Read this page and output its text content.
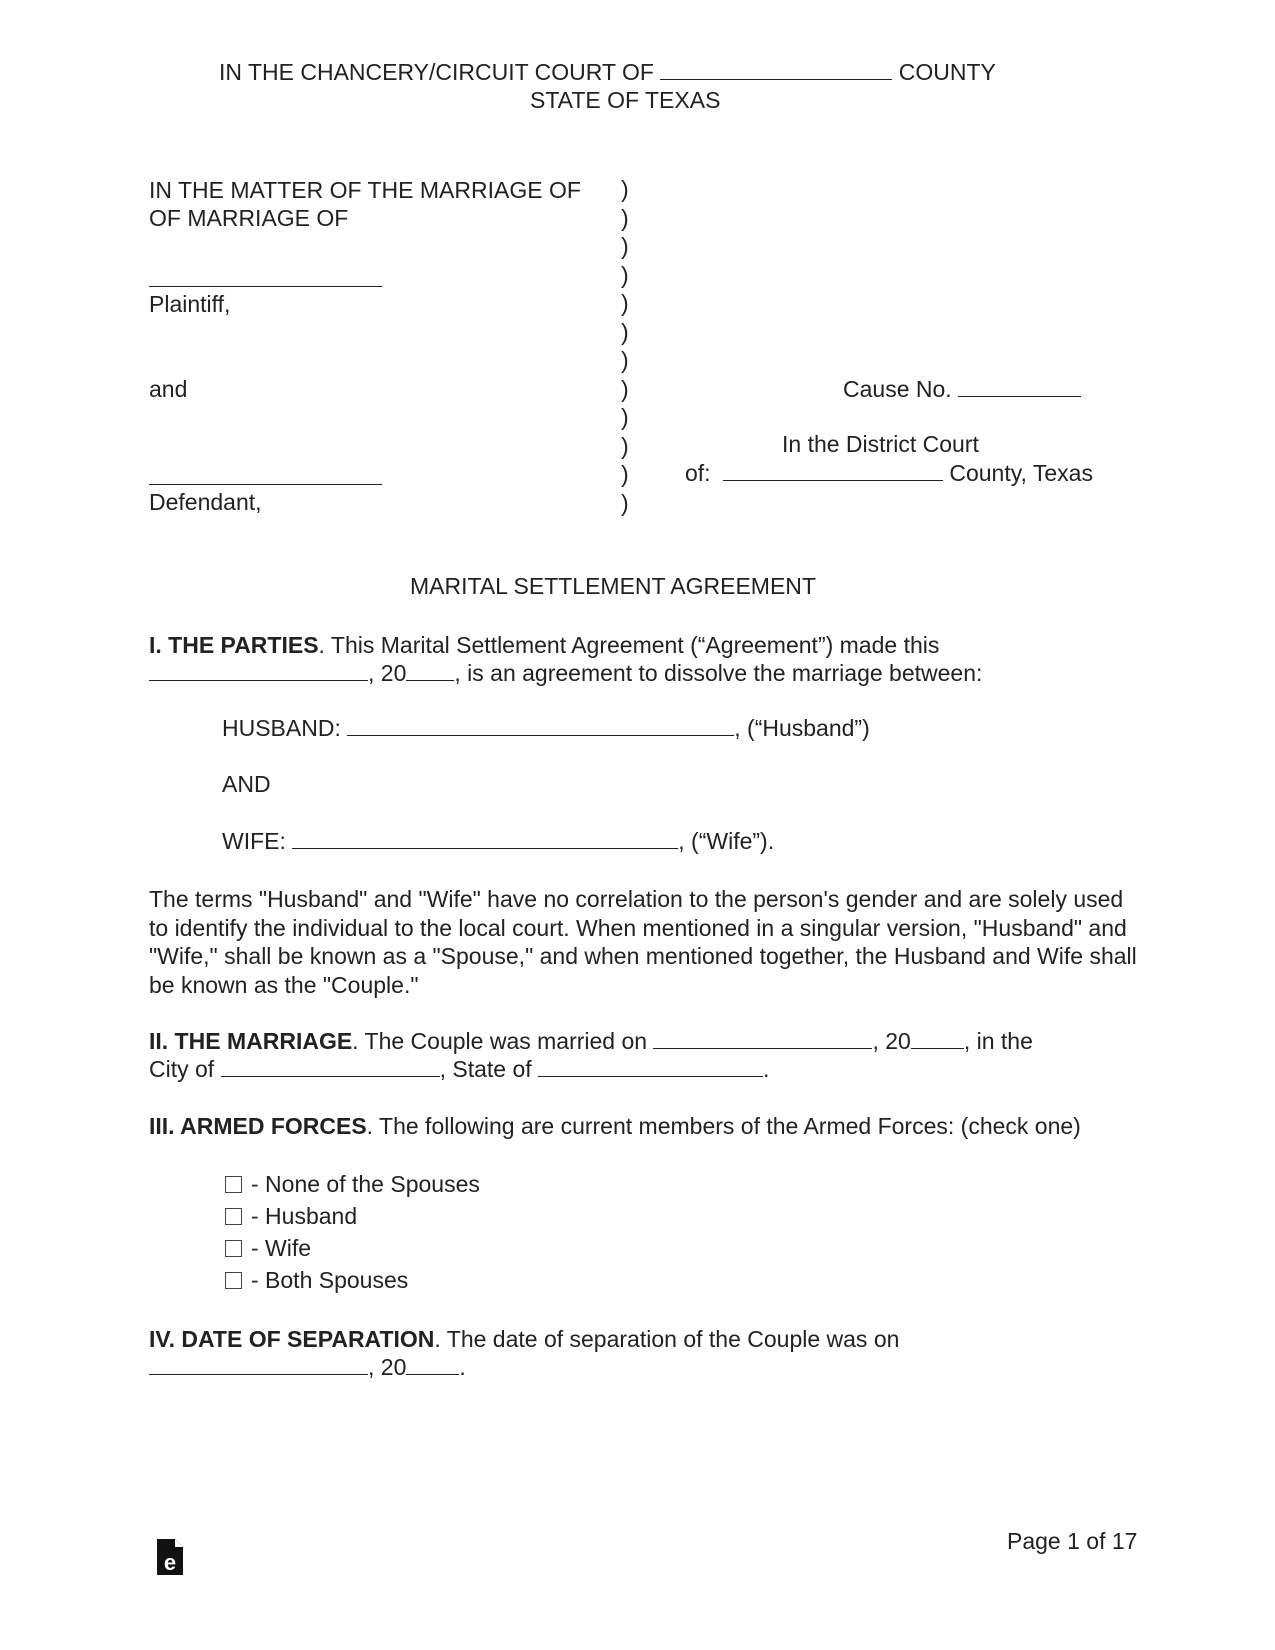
IN THE CHANCERY/CIRCUIT COURT OF	COUNTY
STATE OF TEXAS
IN THE MATTER OF THE MARRIAGE OF
OF MARRIAGE OF
Plaintiff,
and
Defendant,
)
)
)
)
)
)
)
)
)
)
)
)
Cause No.
In the District Court
of:	County, Texas
MARITAL SETTLEMENT AGREEMENT
I. THE PARTIES. This Marital Settlement Agreement (“Agreement”) made this
, 20 , is an agreement to dissolve the marriage between:
HUSBAND:	, (“Husband”)
AND
WIFE:	, (“Wife”).
The terms "Husband" and "Wife" have no correlation to the person's gender and are solely used to identify the individual to the local court. When mentioned in a singular version, "Husband" and "Wife," shall be known as a "Spouse," and when mentioned together, the Husband and Wife shall be known as the "Couple."
II. THE MARRIAGE. The Couple was married on	, 20 , in the
City of	, State of	.
III. ARMED FORCES. The following are current members of the Armed Forces: (check one)
- None of the Spouses
- Husband
- Wife
- Both Spouses
IV. DATE OF SEPARATION. The date of separation of the Couple was on
, 20 .
e
Page 1 of 17
